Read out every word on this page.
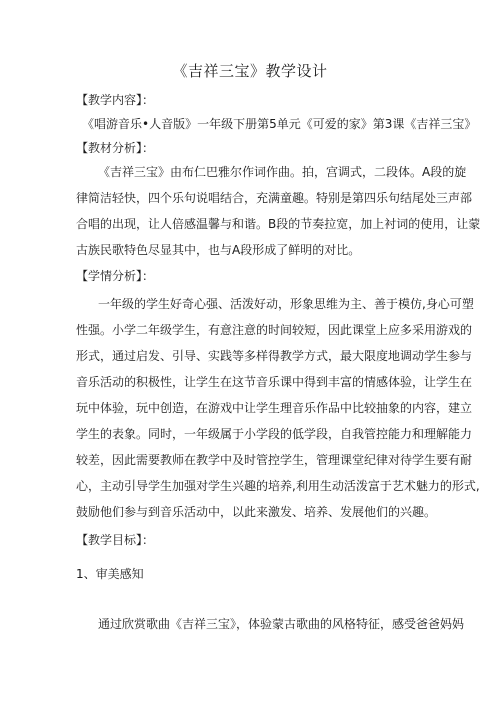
《吉祥三宝》教学设计
【教学内容】：
《唱游音乐•人音版》一年级下册第5单元《可爱的家》第3课《吉祥三宝》
【教材分析】：
《吉祥三宝》由布仁巴雅尔作词作曲。拍，宫调式，二段体。A段的旋
律简洁轻快，四个乐句说唱结合，充满童趣。特别是第四乐句结尾处三声部
合唱的出现，让人倍感温馨与和谐。B段的节奏拉宽，加上衬词的使用，让蒙
古族民歌特色尽显其中，也与A段形成了鲜明的对比。
【学情分析】：
一年级的学生好奇心强、活泼好动，形象思维为主、善于模仿,身心可塑
性强。小学二年级学生，有意注意的时间较短，因此课堂上应多采用游戏的
形式，通过启发、引导、实践等多样得教学方式，最大限度地调动学生参与
音乐活动的积极性，让学生在这节音乐课中得到丰富的情感体验，让学生在
玩中体验，玩中创造，在游戏中让学生理音乐作品中比较抽象的内容，建立
学生的表象。同时，一年级属于小学段的低学段，自我管控能力和理解能力
较差，因此需要教师在教学中及时管控学生，管理课堂纪律对待学生要有耐
心，主动引导学生加强对学生兴趣的培养,利用生动活泼富于艺术魅力的形式,
鼓励他们参与到音乐活动中，以此来激发、培养、发展他们的兴趣。
【教学目标】：
1、审美感知
通过欣赏歌曲《吉祥三宝》，体验蒙古歌曲的风格特征，感受爸爸妈妈
